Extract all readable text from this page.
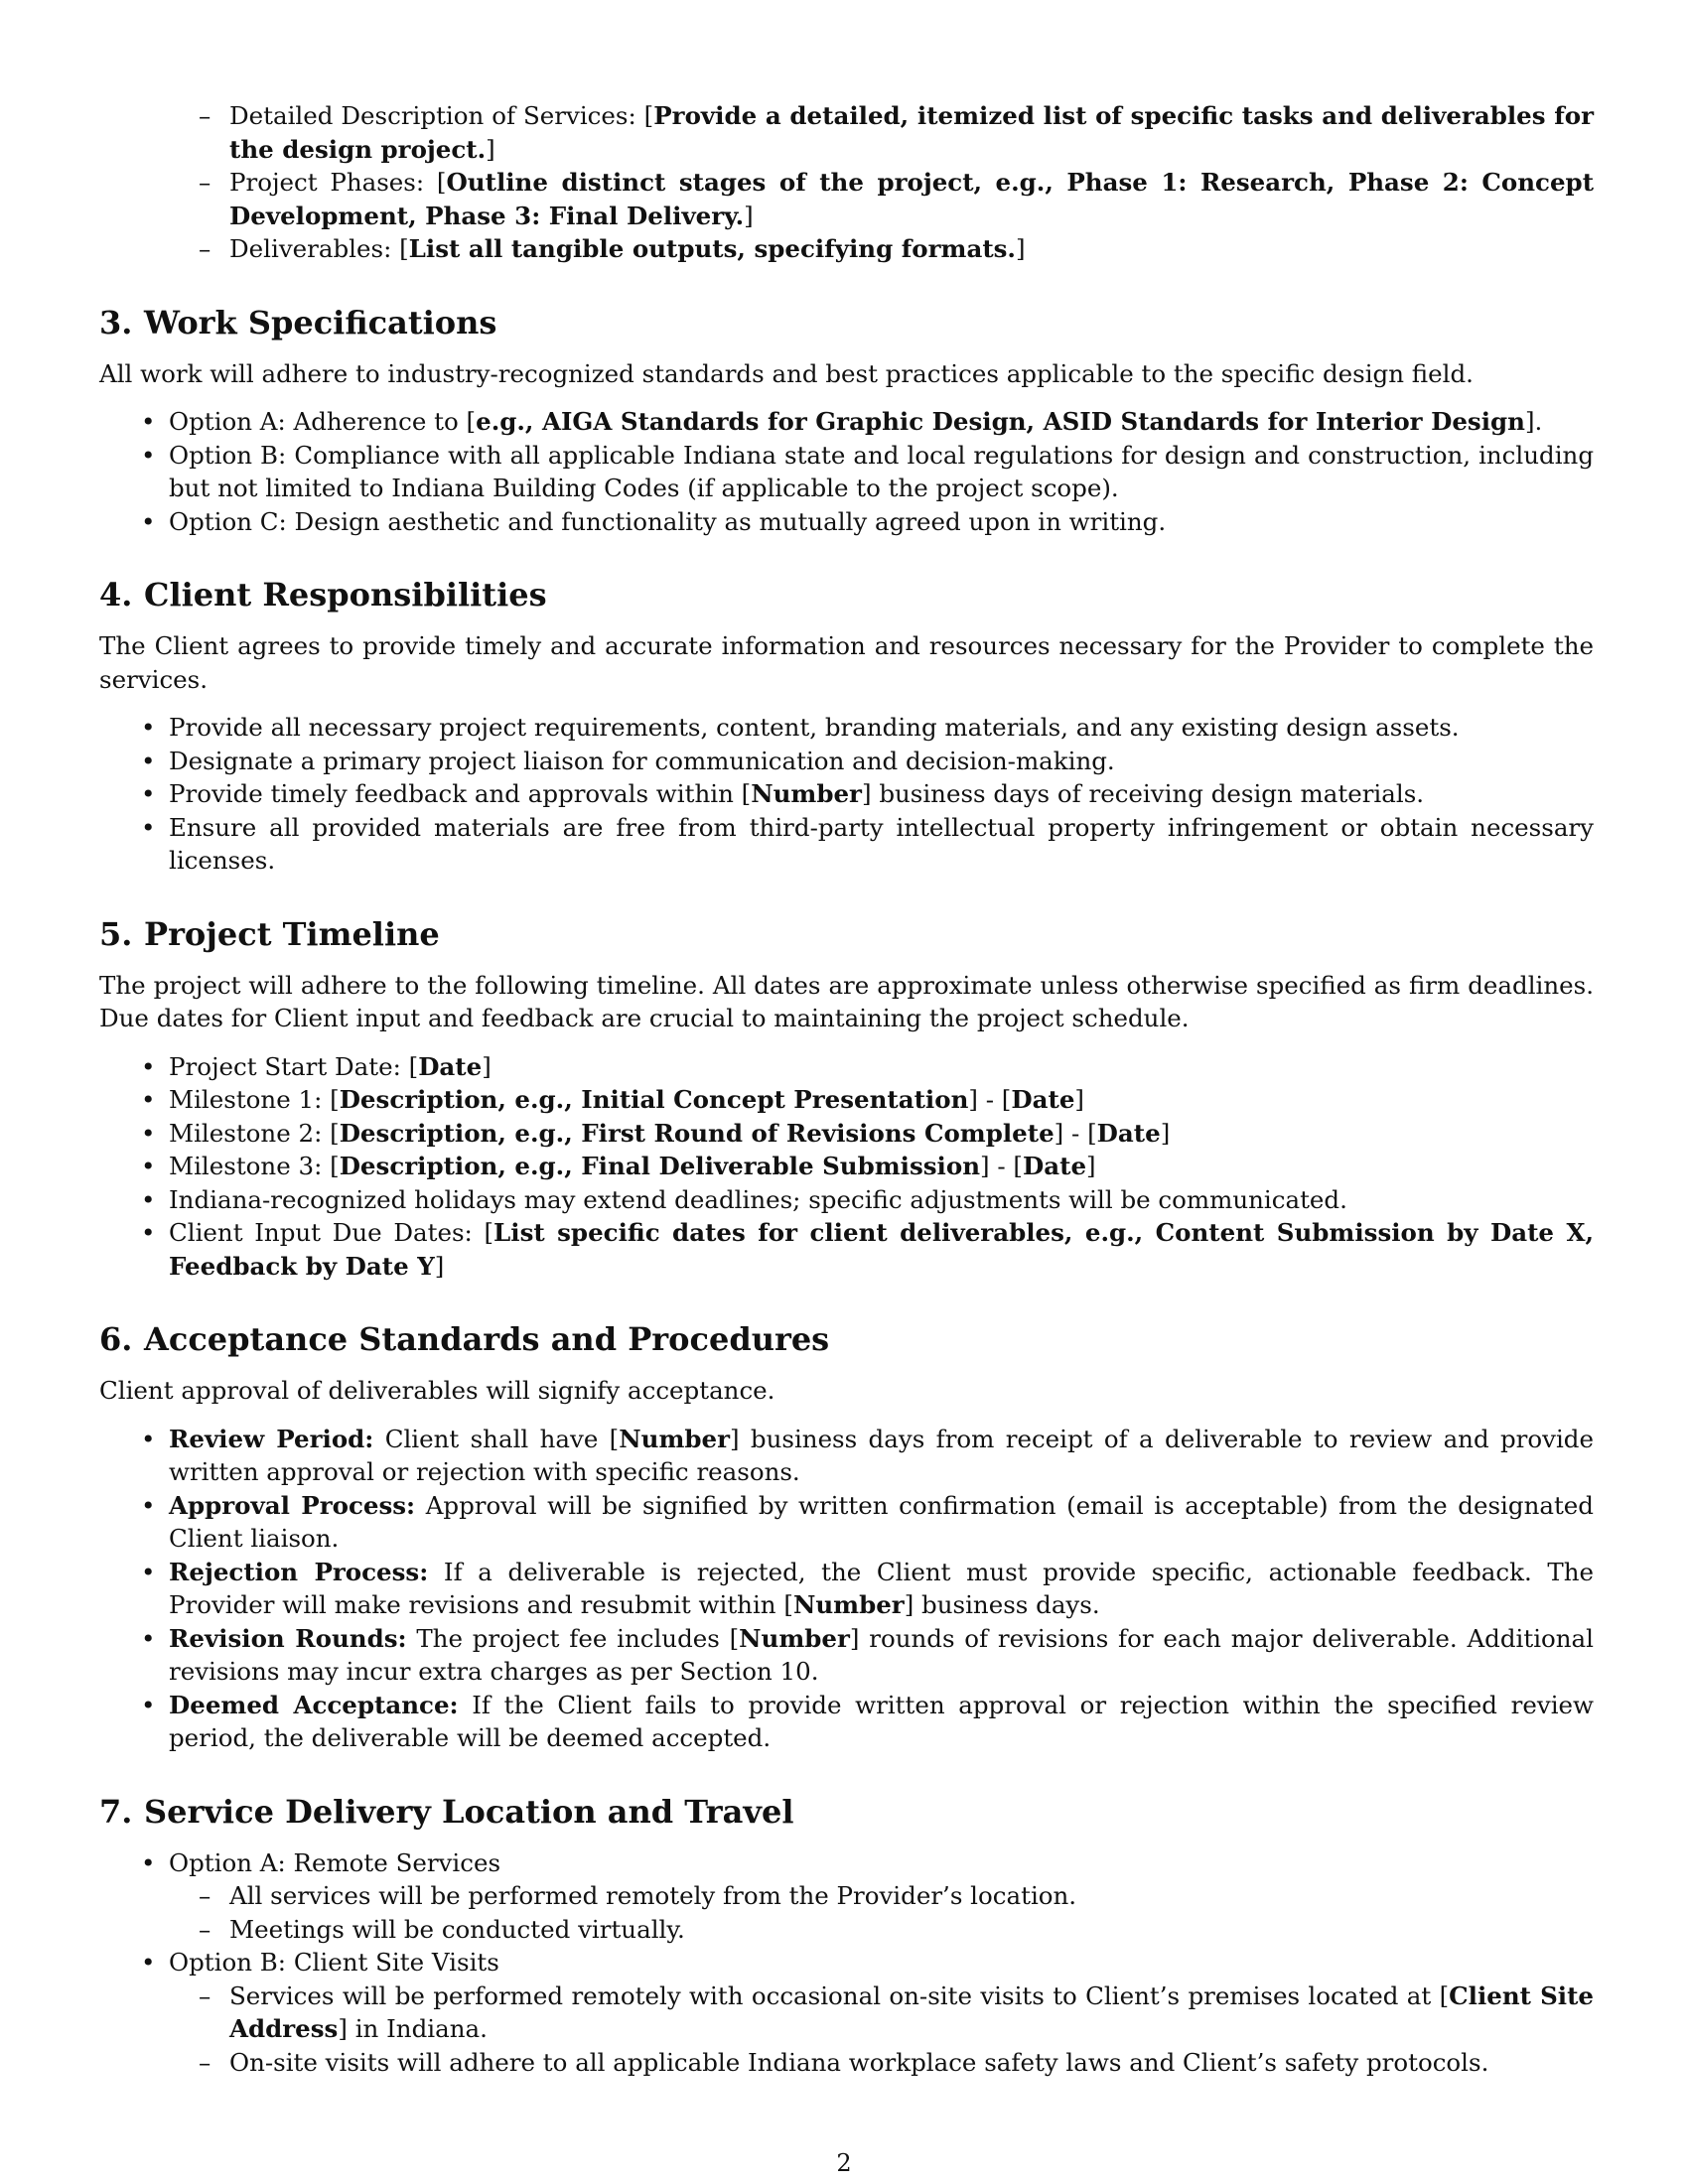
– Detailed Description of Services: [Provide a detailed, itemized list of specific tasks and deliverables for the design project.]
– Project Phases: [Outline distinct stages of the project, e.g., Phase 1: Research, Phase 2: Concept Development, Phase 3: Final Delivery.]
– Deliverables: [List all tangible outputs, specifying formats.]
3. Work Specifications

All work will adhere to industry-recognized standards and best practices applicable to the specific design field.

• Option A: Adherence to [e.g., AIGA Standards for Graphic Design, ASID Standards for Interior Design].
• Option B: Compliance with all applicable Indiana state and local regulations for design and construction, including but not limited to Indiana Building Codes (if applicable to the project scope).
• Option C: Design aesthetic and functionality as mutually agreed upon in writing.
4. Client Responsibilities

The Client agrees to provide timely and accurate information and resources necessary for the Provider to complete the services.

• Provide all necessary project requirements, content, branding materials, and any existing design assets.
• Designate a primary project liaison for communication and decision-making.
• Provide timely feedback and approvals within [Number] business days of receiving design materials.
• Ensure all provided materials are free from third-party intellectual property infringement or obtain necessary licenses.
5. Project Timeline

The project will adhere to the following timeline. All dates are approximate unless otherwise specified as firm deadlines. Due dates for Client input and feedback are crucial to maintaining the project schedule.

• Project Start Date: [Date]
• Milestone 1: [Description, e.g., Initial Concept Presentation] - [Date]
• Milestone 2: [Description, e.g., First Round of Revisions Complete] - [Date]
• Milestone 3: [Description, e.g., Final Deliverable Submission] - [Date]
• Indiana-recognized holidays may extend deadlines; specific adjustments will be communicated.
• Client Input Due Dates: [List specific dates for client deliverables, e.g., Content Submission by Date X, Feedback by Date Y]
6. Acceptance Standards and Procedures

Client approval of deliverables will signify acceptance.

• Review Period: Client shall have [Number] business days from receipt of a deliverable to review and provide written approval or rejection with specific reasons.
• Approval Process: Approval will be signified by written confirmation (email is acceptable) from the designated Client liaison.
• Rejection Process: If a deliverable is rejected, the Client must provide specific, actionable feedback. The Provider will make revisions and resubmit within [Number] business days.
• Revision Rounds: The project fee includes [Number] rounds of revisions for each major deliverable. Additional revisions may incur extra charges as per Section 10.
• Deemed Acceptance: If the Client fails to provide written approval or rejection within the specified review period, the deliverable will be deemed accepted.
7. Service Delivery Location and Travel
• Option A: Remote Services
– All services will be performed remotely from the Provider’s location.
– Meetings will be conducted virtually.
• Option B: Client Site Visits
– Services will be performed remotely with occasional on-site visits to Client’s premises located at [Client Site Address] in Indiana.
– On-site visits will adhere to all applicable Indiana workplace safety laws and Client’s safety protocols.
2
